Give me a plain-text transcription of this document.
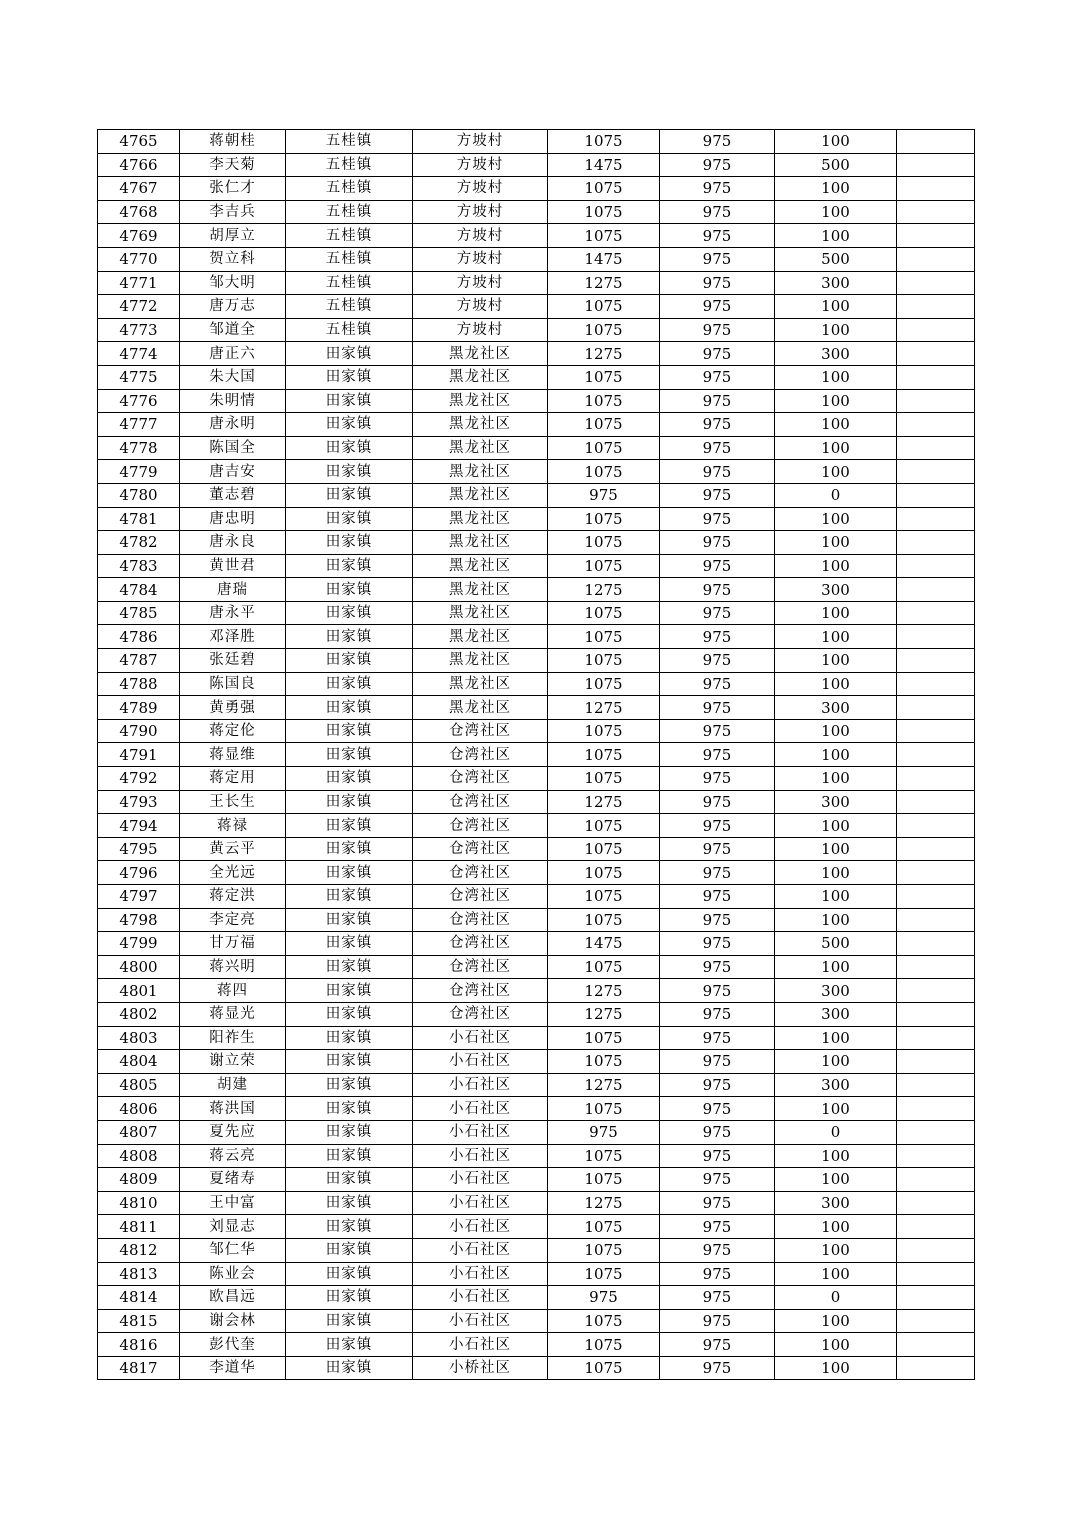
4765	蒋朝桂	五桂镇	方坡村	1075	975	100	
4766	李天菊	五桂镇	方坡村	1475	975	500	
4767	张仁才	五桂镇	方坡村	1075	975	100	
4768	李吉兵	五桂镇	方坡村	1075	975	100	
4769	胡厚立	五桂镇	方坡村	1075	975	100	
4770	贺立科	五桂镇	方坡村	1475	975	500	
4771	邹大明	五桂镇	方坡村	1275	975	300	
4772	唐万志	五桂镇	方坡村	1075	975	100	
4773	邹道全	五桂镇	方坡村	1075	975	100	
4774	唐正六	田家镇	黑龙社区	1275	975	300	
4775	朱大国	田家镇	黑龙社区	1075	975	100	
4776	朱明情	田家镇	黑龙社区	1075	975	100	
4777	唐永明	田家镇	黑龙社区	1075	975	100	
4778	陈国全	田家镇	黑龙社区	1075	975	100	
4779	唐吉安	田家镇	黑龙社区	1075	975	100	
4780	董志碧	田家镇	黑龙社区	975	975	0	
4781	唐忠明	田家镇	黑龙社区	1075	975	100	
4782	唐永良	田家镇	黑龙社区	1075	975	100	
4783	黄世君	田家镇	黑龙社区	1075	975	100	
4784	唐瑞	田家镇	黑龙社区	1275	975	300	
4785	唐永平	田家镇	黑龙社区	1075	975	100	
4786	邓泽胜	田家镇	黑龙社区	1075	975	100	
4787	张廷碧	田家镇	黑龙社区	1075	975	100	
4788	陈国良	田家镇	黑龙社区	1075	975	100	
4789	黄勇强	田家镇	黑龙社区	1275	975	300	
4790	蒋定伦	田家镇	仓湾社区	1075	975	100	
4791	蒋显维	田家镇	仓湾社区	1075	975	100	
4792	蒋定用	田家镇	仓湾社区	1075	975	100	
4793	王长生	田家镇	仓湾社区	1275	975	300	
4794	蒋禄	田家镇	仓湾社区	1075	975	100	
4795	黄云平	田家镇	仓湾社区	1075	975	100	
4796	全光远	田家镇	仓湾社区	1075	975	100	
4797	蒋定洪	田家镇	仓湾社区	1075	975	100	
4798	李定亮	田家镇	仓湾社区	1075	975	100	
4799	甘万福	田家镇	仓湾社区	1475	975	500	
4800	蒋兴明	田家镇	仓湾社区	1075	975	100	
4801	蒋四	田家镇	仓湾社区	1275	975	300	
4802	蒋显光	田家镇	仓湾社区	1275	975	300	
4803	阳祚生	田家镇	小石社区	1075	975	100	
4804	谢立荣	田家镇	小石社区	1075	975	100	
4805	胡建	田家镇	小石社区	1275	975	300	
4806	蒋洪国	田家镇	小石社区	1075	975	100	
4807	夏先应	田家镇	小石社区	975	975	0	
4808	蒋云亮	田家镇	小石社区	1075	975	100	
4809	夏绪寿	田家镇	小石社区	1075	975	100	
4810	王中富	田家镇	小石社区	1275	975	300	
4811	刘显志	田家镇	小石社区	1075	975	100	
4812	邹仁华	田家镇	小石社区	1075	975	100	
4813	陈业会	田家镇	小石社区	1075	975	100	
4814	欧昌远	田家镇	小石社区	975	975	0	
4815	谢会林	田家镇	小石社区	1075	975	100	
4816	彭代奎	田家镇	小石社区	1075	975	100	
4817	李道华	田家镇	小桥社区	1075	975	100	
